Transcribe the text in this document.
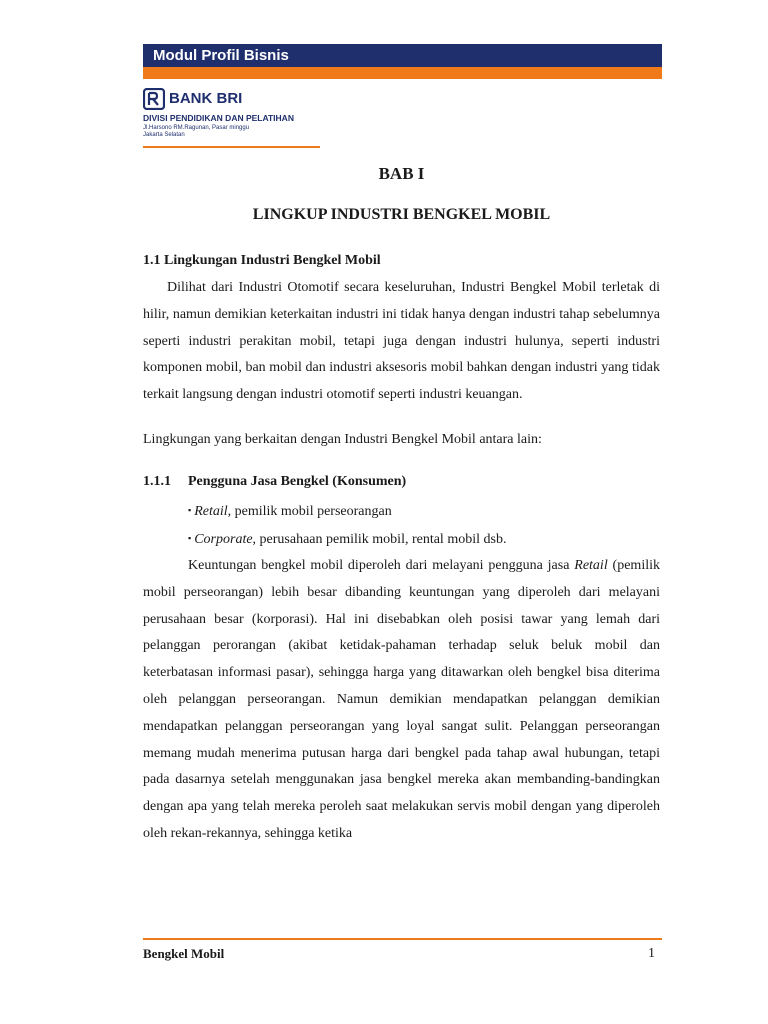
Modul Profil Bisnis
BANK BRI
DIVISI PENDIDIKAN DAN PELATIHAN
Jl.Harsono RM.Ragunan, Pasar minggu
Jakarta Selatan

BAB I

LINGKUP INDUSTRI BENGKEL MOBIL

1.1 Lingkungan Industri Bengkel Mobil

Dilihat dari Industri Otomotif secara keseluruhan, Industri Bengkel Mobil terletak di hilir, namun demikian keterkaitan industri ini tidak hanya dengan industri tahap sebelumnya seperti industri perakitan mobil, tetapi juga dengan industri hulunya, seperti industri komponen mobil, ban mobil dan industri aksesoris mobil bahkan dengan industri yang tidak terkait langsung dengan industri otomotif seperti industri keuangan.

Lingkungan yang berkaitan dengan Industri Bengkel Mobil antara lain:

1.1.1 Pengguna Jasa Bengkel (Konsumen)

▪ Retail, pemilik mobil perseorangan
▪ Corporate, perusahaan pemilik mobil, rental mobil dsb.

Keuntungan bengkel mobil diperoleh dari melayani pengguna jasa Retail (pemilik mobil perseorangan) lebih besar dibanding keuntungan yang diperoleh dari melayani perusahaan besar (korporasi). Hal ini disebabkan oleh posisi tawar yang lemah dari pelanggan perorangan (akibat ketidak-pahaman terhadap seluk beluk mobil dan keterbatasan informasi pasar), sehingga harga yang ditawarkan oleh bengkel bisa diterima oleh pelanggan perseorangan. Namun demikian mendapatkan pelanggan demikian mendapatkan pelanggan perseorangan yang loyal sangat sulit. Pelanggan perseorangan memang mudah menerima putusan harga dari bengkel pada tahap awal hubungan, tetapi pada dasarnya setelah menggunakan jasa bengkel mereka akan membanding-bandingkan dengan apa yang telah mereka peroleh saat melakukan servis mobil dengan yang diperoleh oleh rekan-rekannya, sehingga ketika

Bengkel Mobil	1
